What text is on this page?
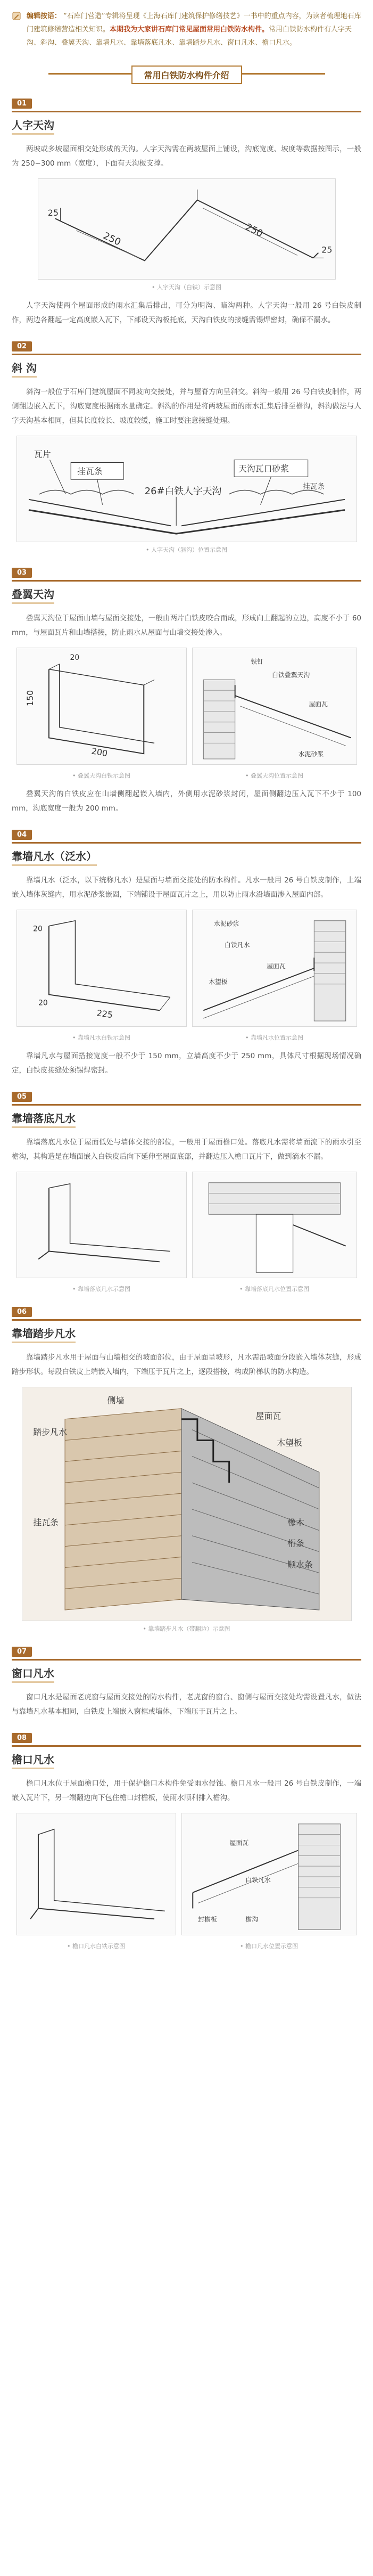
编辑按语： “石库门营造”专辑将呈现《上海石库门建筑保护修缮技艺》一书中的重点内容，为读者梳理地石库门建筑修缮营造相关知识。本期我为大家讲石库门常见屋面常用白铁防水构件。常用白铁防水构件有人字天沟、斜沟、叠翼天沟、靠墙凡水、靠墙落底凡水、靠墙踏步凡水、窗口凡水、檐口凡水。
常用白铁防水构件介绍
01
人字天沟

两坡或多坡屋面相交处形成的天沟。人字天沟需在两坡屋面上铺设，沟底宽度、坡度等数据按图示，一般为 250~300 mm（宽度），下面有天沟板支撑。

250	250
25
25
• 人字天沟（白铁）示意图

人字天沟使两个屋面形成的雨水汇集后排出，可分为明沟、暗沟两种。人字天沟一般用 26 号白铁皮制作，两边各翻起一定高度嵌入瓦下，下部设天沟板托底，天沟白铁皮的接缝需锡焊密封，确保不漏水。

02
斜 沟

斜沟一般位于石库门建筑屋面不同坡向交接处，并与屋脊方向呈斜交。斜沟一般用 26 号白铁皮制作，两侧翻边嵌入瓦下，沟底宽度根据雨水量确定。斜沟的作用是将两坡屋面的雨水汇集后排至檐沟，斜沟做法与人字天沟基本相同，但其长度较长、坡度较缓，施工时要注意接缝处理。

瓦片
挂瓦条
26#白铁人字天沟
天沟瓦口砂浆
挂瓦条
• 人字天沟（斜沟）位置示意图
03
叠翼天沟

叠翼天沟位于屋面山墙与屋面交接处，一般由两片白铁皮咬合而成，形成向上翻起的立边，高度不小于 60 mm，与屋面瓦片和山墙搭接，防止雨水从屋面与山墙交接处渗入。

150
20
200
铁钉
白铁叠翼天沟
屋面瓦
水泥砂浆
• 叠翼天沟白铁示意图	• 叠翼天沟位置示意图

叠翼天沟的白铁皮应在山墙侧翻起嵌入墙内，外侧用水泥砂浆封闭，屋面侧翻边压入瓦下不少于 100 mm，沟底宽度一般为 200 mm。

04
靠墙凡水（泛水）

靠墙凡水（泛水，以下统称凡水）是屋面与墙面交接处的防水构件。凡水一般用 26 号白铁皮制作，上端嵌入墙体灰缝内，用水泥砂浆嵌固，下端铺设于屋面瓦片之上，用以防止雨水沿墙面渗入屋面内部。

20
20
225
水泥砂浆
白铁凡水
木望板
屋面瓦
• 靠墙凡水白铁示意图	• 靠墙凡水位置示意图

靠墙凡水与屋面搭接宽度一般不少于 150 mm，立墙高度不少于 250 mm，具体尺寸根据现场情况确定，白铁皮接缝处须锡焊密封。

05
靠墙落底凡水

靠墙落底凡水位于屋面低处与墙体交接的部位，一般用于屋面檐口处。落底凡水需将墙面流下的雨水引至檐沟，其构造是在墙面嵌入白铁皮后向下延伸至屋面底部，并翻边压入檐口瓦片下，做到滴水不漏。

• 靠墙落底凡水示意图	• 靠墙落底凡水位置示意图
06
靠墙踏步凡水

靠墙踏步凡水用于屋面与山墙相交的坡面部位，由于屋面呈坡形，凡水需沿坡面分段嵌入墙体灰缝，形成踏步形状。每段白铁皮上端嵌入墙内，下端压于瓦片之上，逐段搭接，构成阶梯状的防水构造。

踏步凡水
侧墙
屋面瓦
木望板
橡木
桁条
挂瓦条
顺水条
• 靠墙踏步凡水（带翻边）示意图
07
窗口凡水

窗口凡水是屋面老虎窗与屋面交接处的防水构件，老虎窗的窗台、窗侧与屋面交接处均需设置凡水，做法与靠墙凡水基本相同，白铁皮上端嵌入窗框或墙体，下端压于瓦片之上。

08
檐口凡水

檐口凡水位于屋面檐口处，用于保护檐口木构件免受雨水侵蚀。檐口凡水一般用 26 号白铁皮制作，一端嵌入瓦片下，另一端翻边向下包住檐口封檐板，使雨水顺利排入檐沟。

屋面瓦
白铁凡水
封檐板	檐沟
• 檐口凡水白铁示意图	• 檐口凡水位置示意图
